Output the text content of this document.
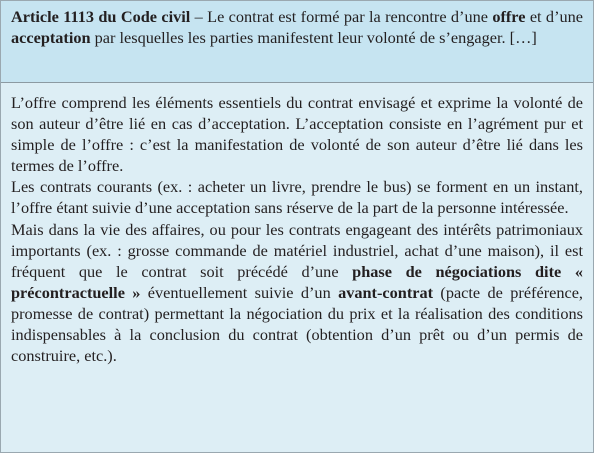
Article 1113 du Code civil – Le contrat est formé par la rencontre d’une offre et d’une acceptation par lesquelles les parties manifestent leur volonté de s’engager. […]

L’offre comprend les éléments essentiels du contrat envisagé et exprime la volonté de son auteur d’être lié en cas d’acceptation. L’acceptation consiste en l’agrément pur et simple de l’offre : c’est la manifestation de volonté de son auteur d’être lié dans les termes de l’offre.

Les contrats courants (ex. : acheter un livre, prendre le bus) se forment en un instant, l’offre étant suivie d’une acceptation sans réserve de la part de la personne intéressée.

Mais dans la vie des affaires, ou pour les contrats engageant des intérêts patrimoniaux importants (ex. : grosse commande de matériel industriel, achat d’une maison), il est fréquent que le contrat soit précédé d’une phase de négociations dite « précontractuelle » éventuellement suivie d’un avant-contrat (pacte de préférence, promesse de contrat) permettant la négociation du prix et la réalisation des conditions indispensables à la conclusion du contrat (obtention d’un prêt ou d’un permis de construire, etc.).
